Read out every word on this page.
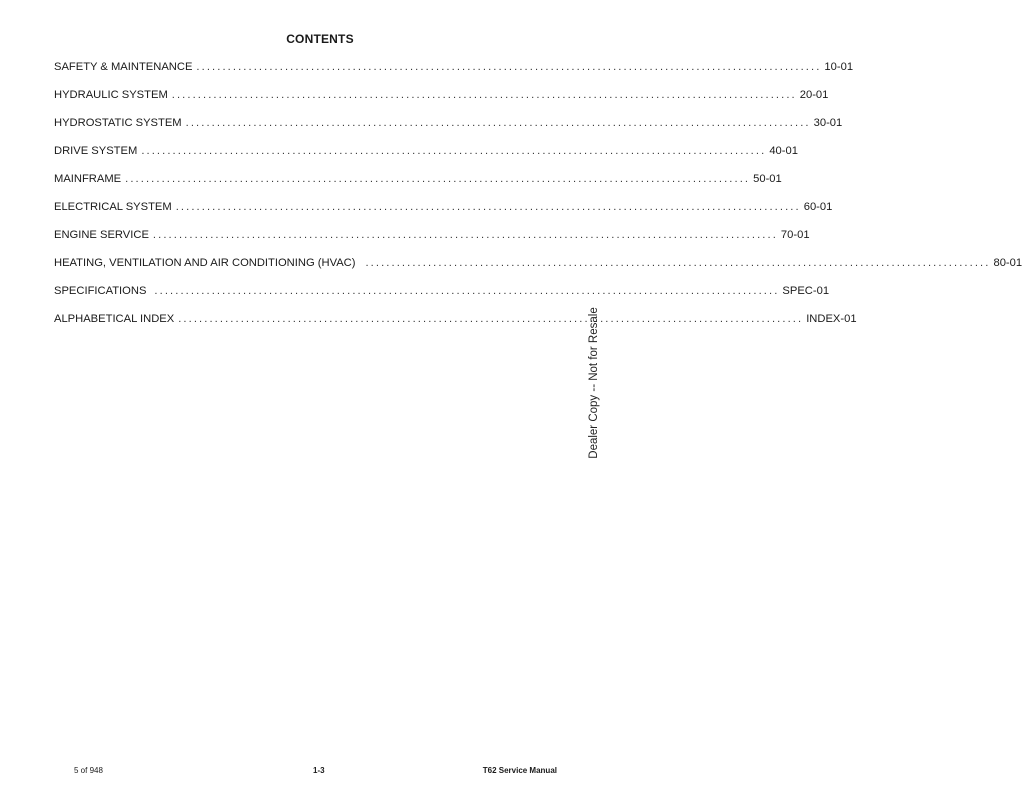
CONTENTS
SAFETY & MAINTENANCE ........................................................................................................................ 10-01
HYDRAULIC SYSTEM ........................................................................................................................ 20-01
HYDROSTATIC SYSTEM ........................................................................................................................ 30-01
DRIVE SYSTEM ........................................................................................................................ 40-01
MAINFRAME ........................................................................................................................ 50-01
ELECTRICAL SYSTEM ........................................................................................................................ 60-01
ENGINE SERVICE ........................................................................................................................ 70-01
HEATING, VENTILATION AND AIR CONDITIONING (HVAC) ........................................................................................................................ 80-01
SPECIFICATIONS ........................................................................................................................ SPEC-01
ALPHABETICAL INDEX ........................................................................................................................ INDEX-01
Dealer Copy -- Not for Resale
5 of 948	1-3	T62 Service Manual
